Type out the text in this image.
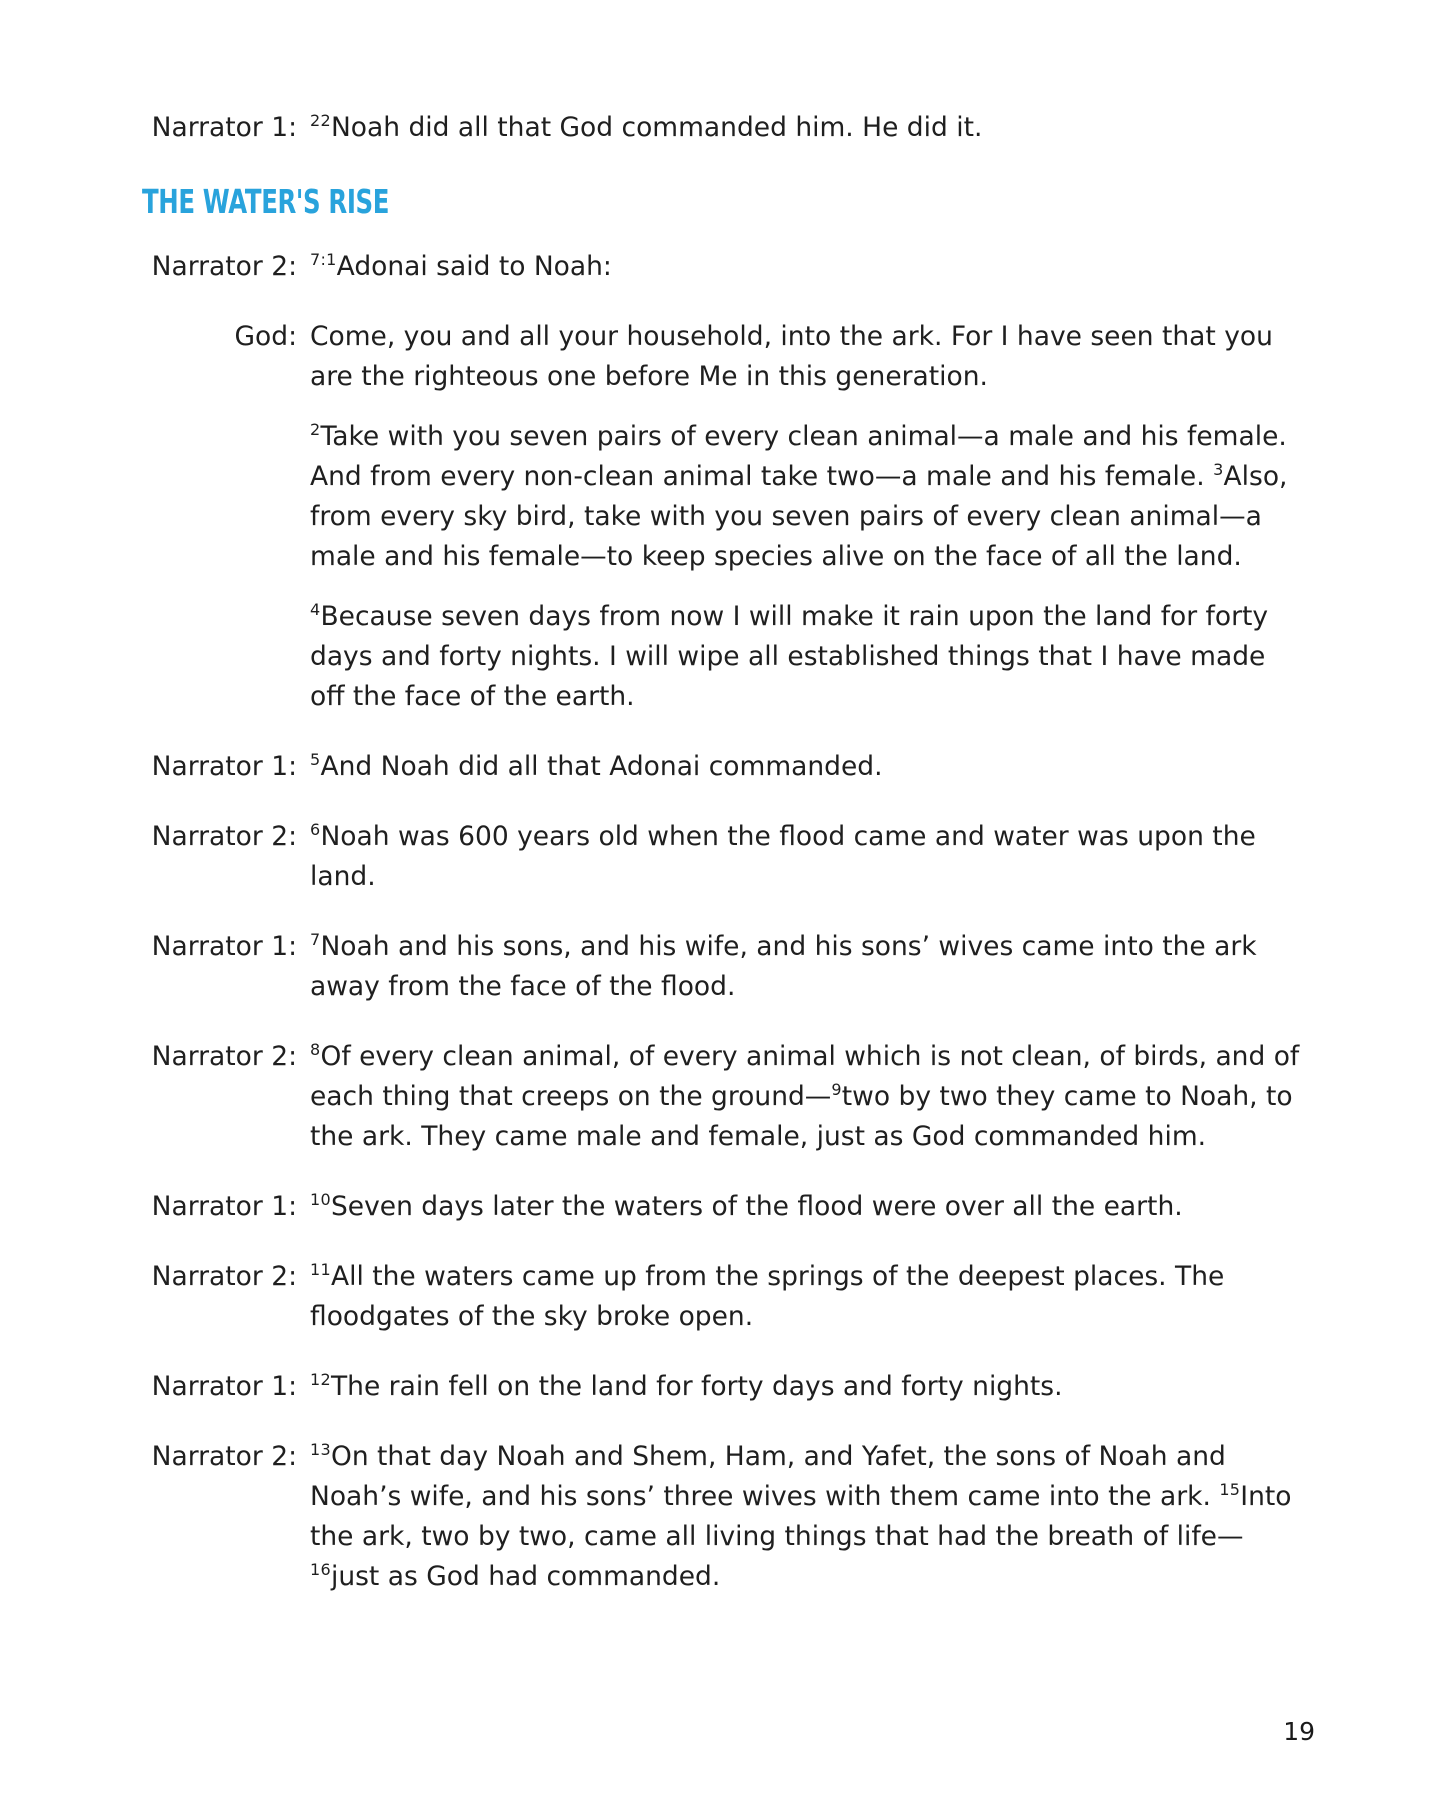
Narrator 1: $^{22}$Noah did all that God commanded him. He did it.

THE WATER'S RISE
Narrator 2: $^{7:1}$Adonai said to Noah:

God: Come, you and all your household, into the ark. For I have seen that you are the righteous one before Me in this generation.

$^2$Take with you seven pairs of every clean animal—a male and his female. And from every non-clean animal take two—a male and his female. $^3$Also, from every sky bird, take with you seven pairs of every clean animal—a male and his female—to keep species alive on the face of all the land.

$^4$Because seven days from now I will make it rain upon the land for forty days and forty nights. I will wipe all established things that I have made off the face of the earth.

Narrator 1: $^5$And Noah did all that Adonai commanded.

Narrator 2: $^6$Noah was 600 years old when the flood came and water was upon the land.

Narrator 1: $^7$Noah and his sons, and his wife, and his sons’ wives came into the ark away from the face of the flood.

Narrator 2: $^8$Of every clean animal, of every animal which is not clean, of birds, and of each thing that creeps on the ground—$^9$two by two they came to Noah, to the ark. They came male and female, just as God commanded him.

Narrator 1: $^{10}$Seven days later the waters of the flood were over all the earth.

Narrator 2: $^{11}$All the waters came up from the springs of the deepest places. The floodgates of the sky broke open.

Narrator 1: $^{12}$The rain fell on the land for forty days and forty nights.

Narrator 2: $^{13}$On that day Noah and Shem, Ham, and Yafet, the sons of Noah and Noah’s wife, and his sons’ three wives with them came into the ark. $^{15}$Into the ark, two by two, came all living things that had the breath of life— $^{16}$just as God had commanded.

19
